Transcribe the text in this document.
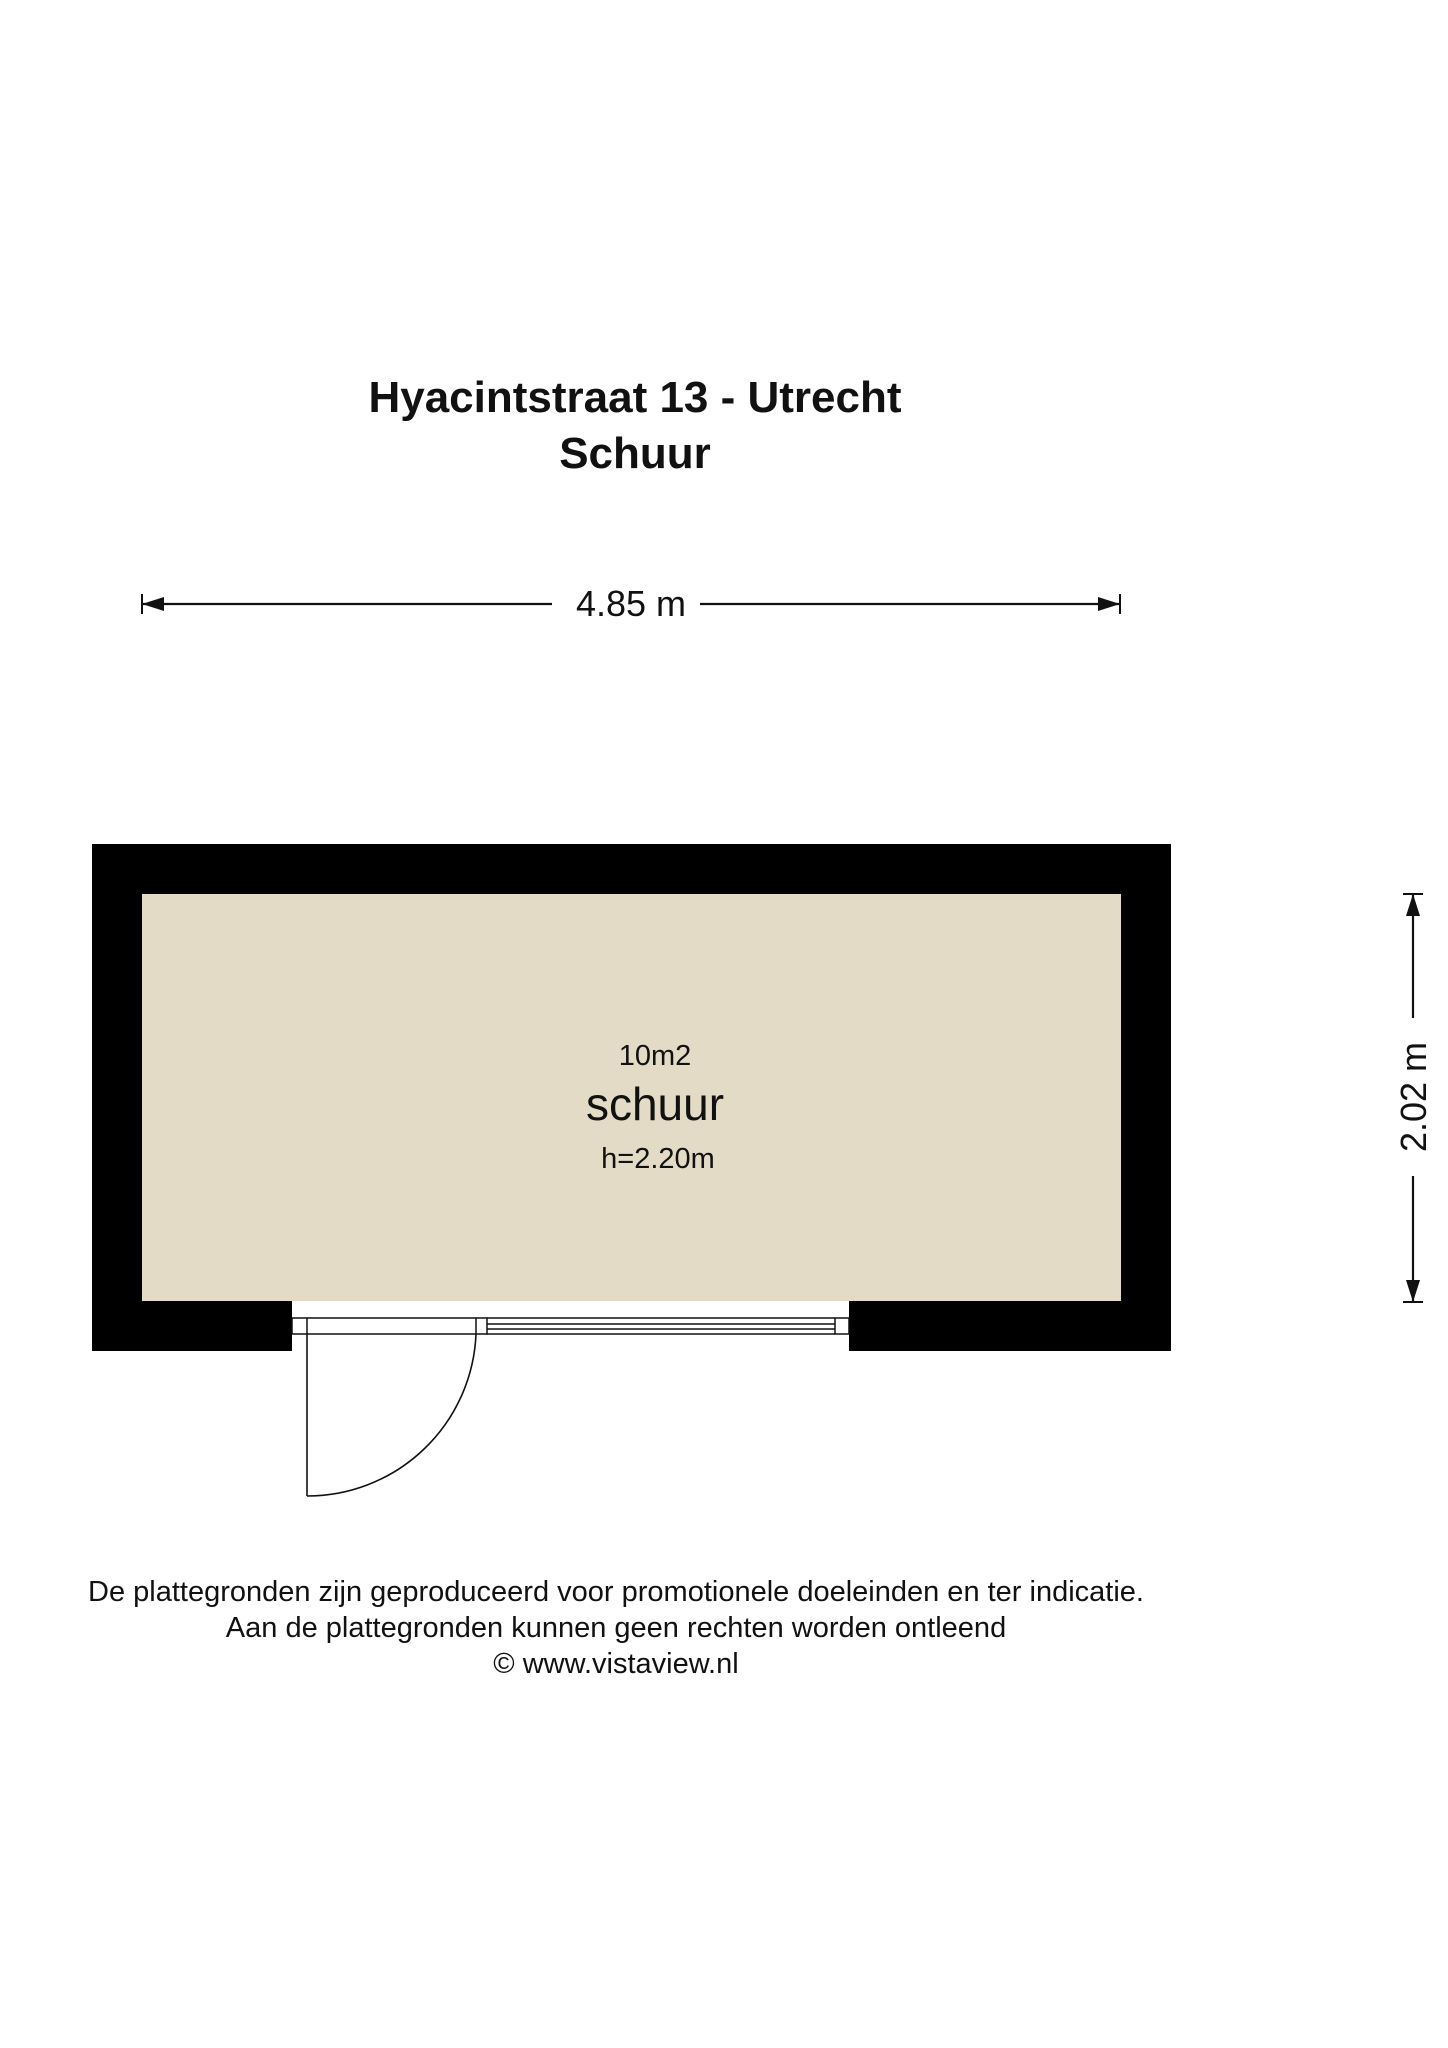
Hyacintstraat 13 - Utrecht
Schuur
4.85 m
2.02 m
10m2
schuur
h=2.20m
De plattegronden zijn geproduceerd voor promotionele doeleinden en ter indicatie.
Aan de plattegronden kunnen geen rechten worden ontleend
© www.vistaview.nl
